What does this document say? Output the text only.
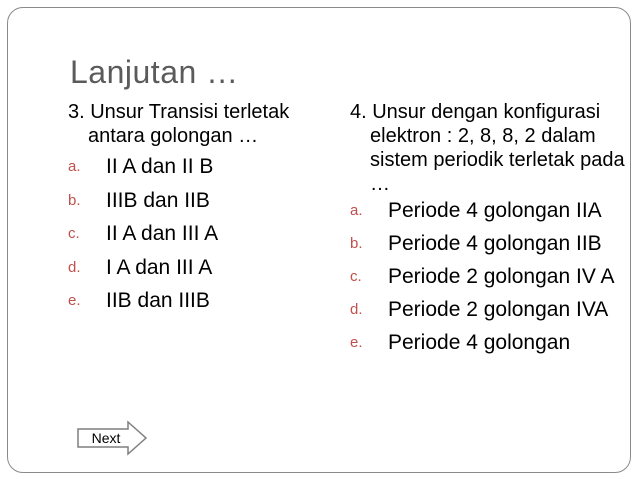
Lanjutan …

3. Unsur Transisi terletak antara golongan …

a. II A dan II B
b. IIIB dan IIB
c. II A dan III A
d. I A dan III A
e. IIB dan IIIB

4. Unsur dengan konfigurasi elektron : 2, 8, 8, 2 dalam sistem periodik terletak pada …

a. Periode 4 golongan IIA
b. Periode 4 golongan IIB
c. Periode 2 golongan IV A
d. Periode 2 golongan IVA
e. Periode 4 golongan
Next
